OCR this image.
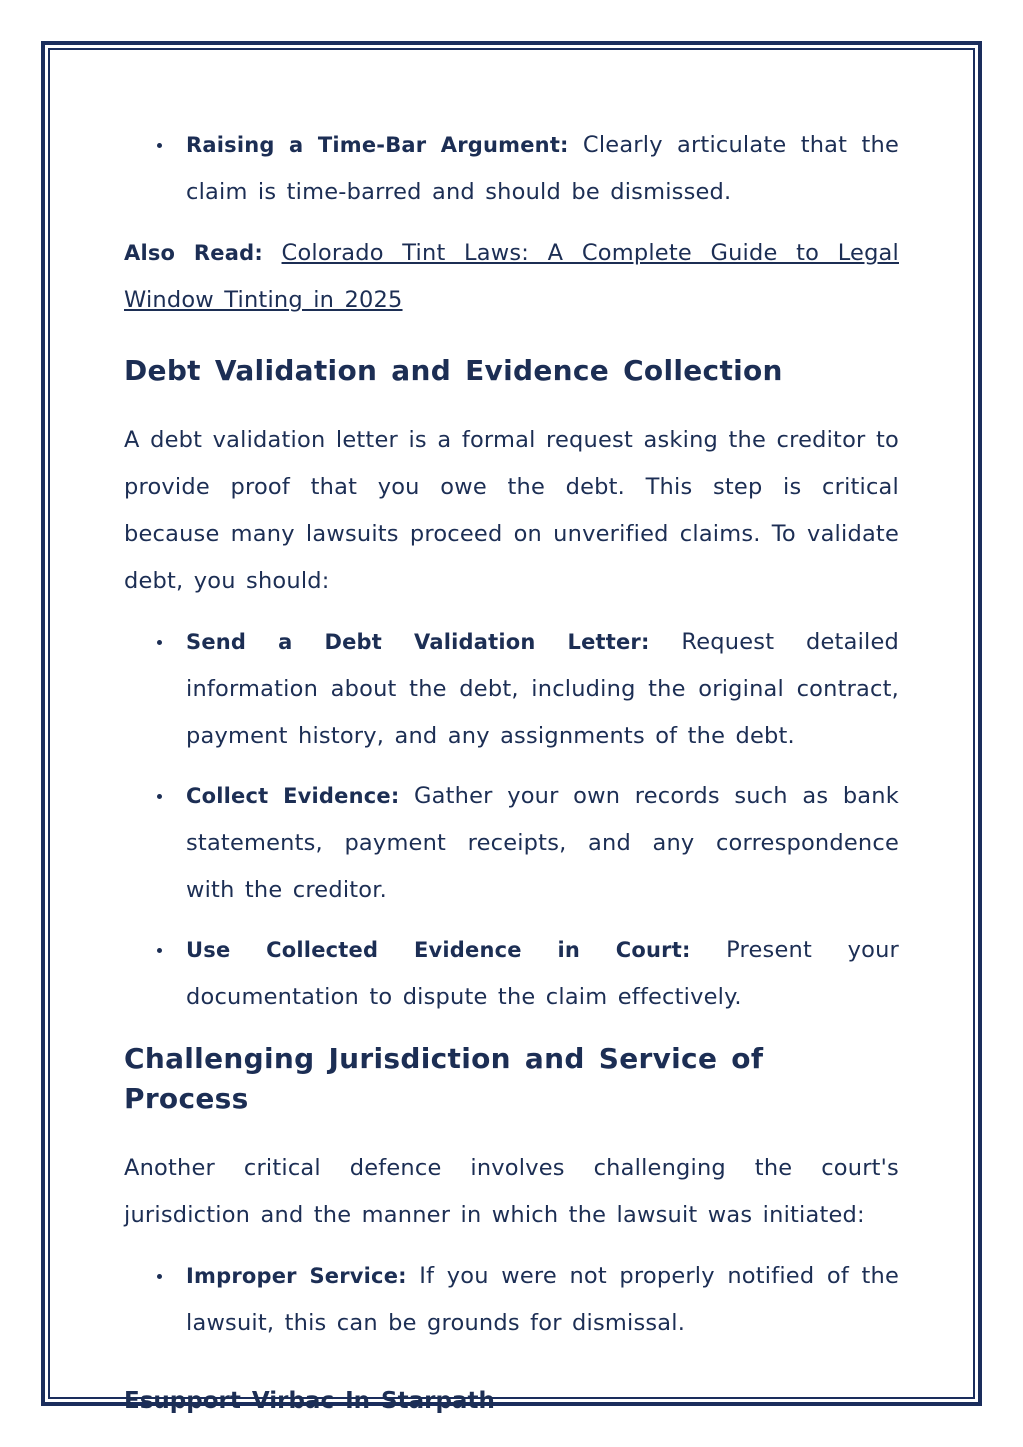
Raising a Time-Bar Argument: Clearly articulate that the claim is time-barred and should be dismissed.

Also Read: Colorado Tint Laws: A Complete Guide to Legal Window Tinting in 2025

Debt Validation and Evidence Collection

A debt validation letter is a formal request asking the creditor to provide proof that you owe the debt. This step is critical because many lawsuits proceed on unverified claims. To validate debt, you should:

Send a Debt Validation Letter: Request detailed information about the debt, including the original contract, payment history, and any assignments of the debt.
Collect Evidence: Gather your own records such as bank statements, payment receipts, and any correspondence with the creditor.
Use Collected Evidence in Court: Present your documentation to dispute the claim effectively.
Challenging Jurisdiction and Service of Process

Another critical defence involves challenging the court's jurisdiction and the manner in which the lawsuit was initiated:

Improper Service: If you were not properly notified of the lawsuit, this can be grounds for dismissal.
Esupport Virbac In Starpath
